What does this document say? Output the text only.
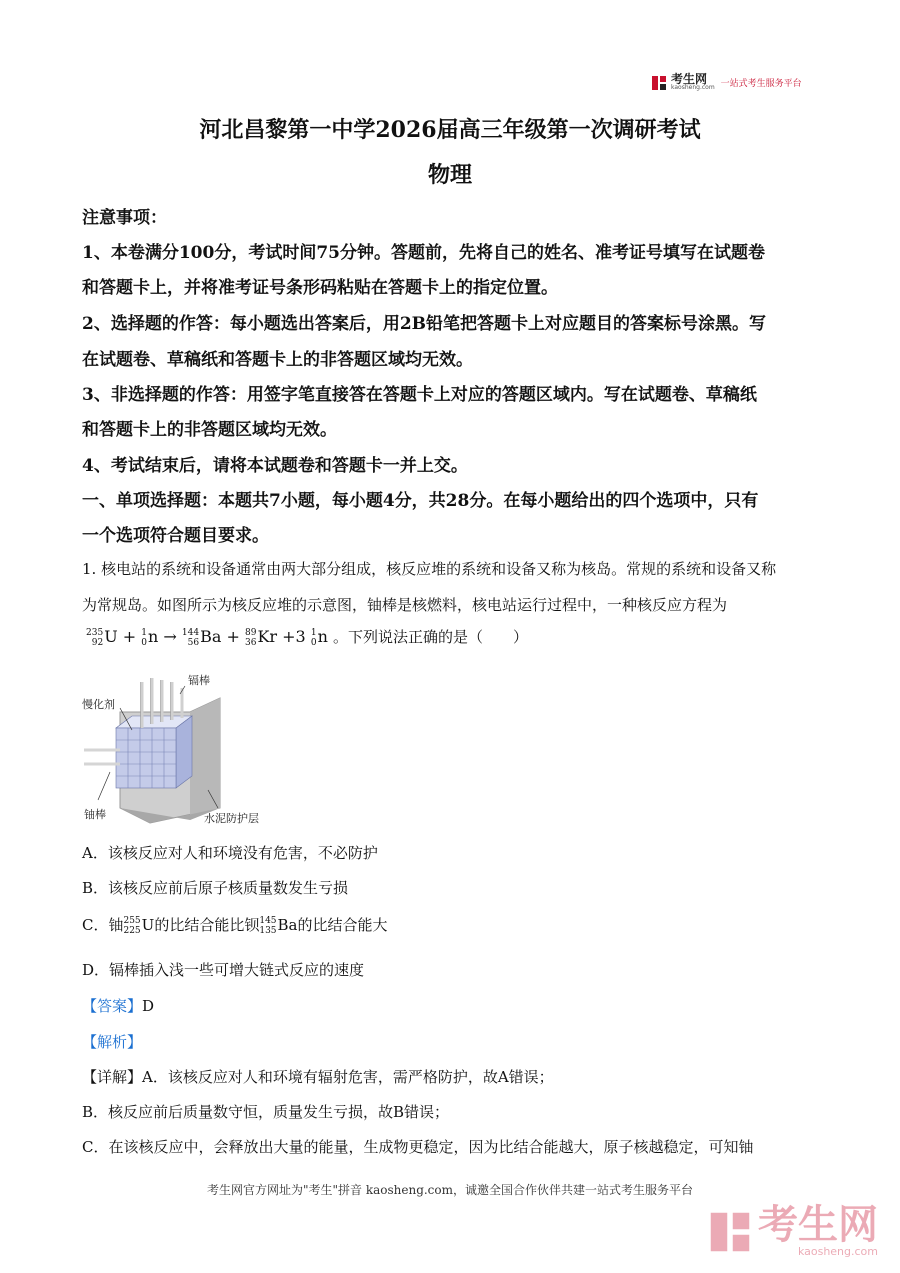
考生网
kaosheng.com 一站式考生服务平台
河北昌黎第一中学2026届高三年级第一次调研考试
物理
注意事项：
1、本卷满分100分，考试时间75分钟。答题前，先将自己的姓名、准考证号填写在试题卷
和答题卡上，并将准考证号条形码粘贴在答题卡上的指定位置。
2、选择题的作答：每小题选出答案后，用2B铅笔把答题卡上对应题目的答案标号涂黑。写
在试题卷、草稿纸和答题卡上的非答题区域均无效。
3、非选择题的作答：用签字笔直接答在答题卡上对应的答题区域内。写在试题卷、草稿纸
和答题卡上的非答题区域均无效。
4、考试结束后，请将本试题卷和答题卡一并上交。
一、单项选择题：本题共7小题，每小题4分，共28分。在每小题给出的四个选项中，只有
一个选项符合题目要求。
1. 核电站的系统和设备通常由两大部分组成，核反应堆的系统和设备又称为核岛。常规的系统和设备又称
为常规岛。如图所示为核反应堆的示意图，铀棒是核燃料，核电站运行过程中，一种核反应方程为
235
92 U + 1
0 n → 144
56 Ba + 89
36 Kr +3 1
0 n 。下列说法正确的是（　　）
镉棒
慢化剂
铀棒	水泥防护层
A．该核反应对人和环境没有危害，不必防护
B．该核反应前后原子核质量数发生亏损
C．铀 255
225 U的比结合能比钡 145
135 Ba的比结合能大
D．镉棒插入浅一些可增大链式反应的速度
【答案】D
【解析】
【详解】A．该核反应对人和环境有辐射危害，需严格防护，故A错误；
B．核反应前后质量数守恒，质量发生亏损，故B错误；
C．在该核反应中，会释放出大量的能量，生成物更稳定，因为比结合能越大，原子核越稳定，可知铀
考生网官方网址为"考生"拼音 kaosheng.com，诚邀全国合作伙伴共建一站式考生服务平台
考生网
kaosheng.com
